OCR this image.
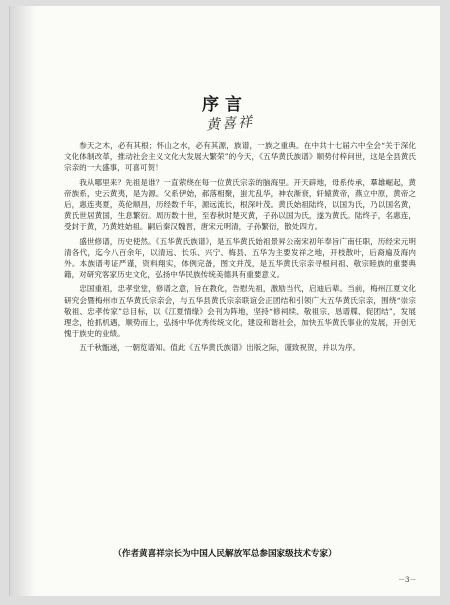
序言
黄喜祥

参天之木，必有其根；怀山之水，必有其源，族谱，一族之重典。在中共十七届六中全会“关于深化文化体制改革，推动社会主义文化大发展大繁荣”的今天，《五华黄氏族谱》顺势付梓问世，这是全县黄氏宗亲的一大盛事，可喜可贺！

我从哪里来？先祖是谁？一直萦绕在每一位黄氏宗亲的脑海里。开天辟地，母系传承，羣雄崛起，黄帝族系，史云黄夷，是为源。父系伊始，郝落相聚，蚩尤乱华，神农渐衰，轩辕黄帝，燕立中原，黄帝之后，惠连夷夏，英伦顺昌，历经数千年，源远流长，根深叶茂。黄氏始祖陆终，以国为氏，乃以国名黄，黄氏世居黄国，生息繁衍。周历数十世，至春秋时楚灭黄，子孙以国为氏，遂为黄氏。陆终子，名惠连，受封于黄，乃黄姓始祖。嗣后秦汉魏晋，唐宋元明清，子孙繁衍，散处四方。

盛世修谱，历史使然。《五华黄氏族谱》，是五华黄氏始祖景昇公南宋初年奉旨广南任职，历经宋元明清各代，迄今八百余年，以清远、长乐、兴宁、梅县、五华为主要发祥之地，开枝散叶，后裔遍及海内外。本族谱考证严谨，资料翔实，体例完备，图文并茂，是五华黄氏宗亲寻根问祖、敬宗睦族的重要典籍，对研究客家历史文化，弘扬中华民族传统美德具有重要意义。

忠国重祖，忠孝堂堂，修谱之意，旨在教化，告慰先祖，激励当代，启迪后辈。当前，梅州江夏文化研究会暨梅州市五华黄氏宗亲会，与五华县黄氏宗亲联谊会正团结和引领广大五华黄氏宗亲，围绕“崇宗敬祖、忠孝传家”总目标，以《江夏情缘》会刊为阵地，坚持“修祠续、敬祖宗、恳谱牒、促团结”，发展理念，抢抓机遇，顺势而上，弘扬中华优秀传统文化，建设和谐社会，加快五华黄氏事业的发展，开创无愧于族史的业绩。

五千秋甑递，一朝览谱知。值此《五华黄氏族谱》出版之际，谨致祝贺，并以为序。

（作者黄喜祥宗长为中国人民解放军总参国家级技术专家）
－3－
